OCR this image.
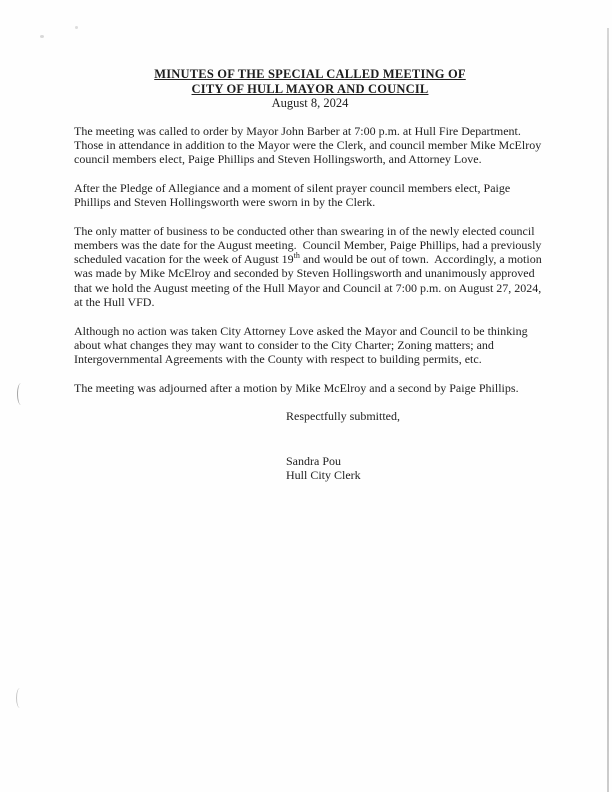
MINUTES OF THE SPECIAL CALLED MEETING OF
CITY OF HULL MAYOR AND COUNCIL
August 8, 2024

The meeting was called to order by Mayor John Barber at 7:00 p.m. at Hull Fire Department.  Those in attendance in addition to the Mayor were the Clerk, and council member Mike McElroy council members elect, Paige Phillips and Steven Hollingsworth, and Attorney Love.

After the Pledge of Allegiance and a moment of silent prayer council members elect, Paige Phillips and Steven Hollingsworth were sworn in by the Clerk.

The only matter of business to be conducted other than swearing in of the newly elected council members was the date for the August meeting.  Council Member, Paige Phillips, had a previously scheduled vacation for the week of August 19th and would be out of town.  Accordingly, a motion was made by Mike McElroy and seconded by Steven Hollingsworth and unanimously approved that we hold the August meeting of the Hull Mayor and Council at 7:00 p.m. on August 27, 2024, at the Hull VFD.

Although no action was taken City Attorney Love asked the Mayor and Council to be thinking about what changes they may want to consider to the City Charter; Zoning matters; and Intergovernmental Agreements with the County with respect to building permits, etc.

The meeting was adjourned after a motion by Mike McElroy and a second by Paige Phillips.

Respectfully submitted,
Sandra Pou
Hull City Clerk
